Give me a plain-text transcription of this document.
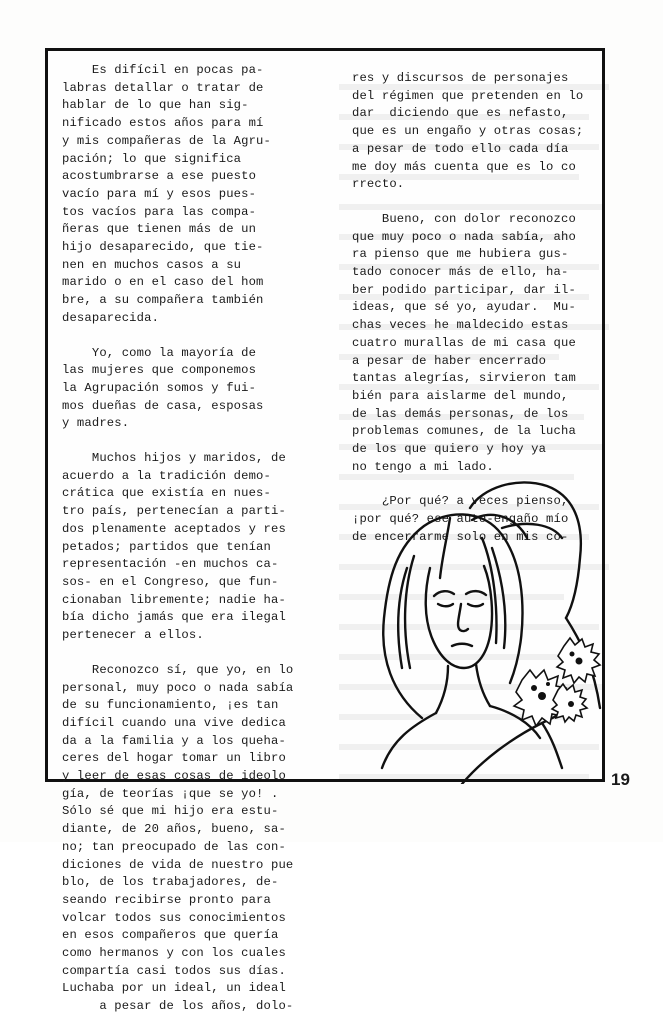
Es difícil en pocas pa-
labras detallar o tratar de
hablar de lo que han sig-
nificado estos años para mí
y mis compañeras de la Agru-
pación; lo que significa
acostumbrarse a ese puesto
vacío para mí y esos pues-
tos vacíos para las compa-
ñeras que tienen más de un
hijo desaparecido, que tie-
nen en muchos casos a su
marido o en el caso del hom
bre, a su compañera también
desaparecida.

Yo, como la mayoría de
las mujeres que componemos
la Agrupación somos y fui-
mos dueñas de casa, esposas
y madres.

Muchos hijos y maridos, de
acuerdo a la tradición demo-
crática que existía en nues-
tro país, pertenecían a parti-
dos plenamente aceptados y res
petados; partidos que tenían
representación -en muchos ca-
sos- en el Congreso, que fun-
cionaban libremente; nadie ha-
bía dicho jamás que era ilegal
pertenecer a ellos.

Reconozco sí, que yo, en lo
personal, muy poco o nada sabía
de su funcionamiento, ¡es tan
difícil cuando una vive dedica
da a la familia y a los queha-
ceres del hogar tomar un libro
y leer de esas cosas de ideolo
gía, de teorías ¡que se yo! .
Sólo sé que mi hijo era estu-
diante, de 20 años, bueno, sa-
no; tan preocupado de las con-
diciones de vida de nuestro pue
blo, de los trabajadores, de-
seando recibirse pronto para
volcar todos sus conocimientos
en esos compañeros que quería
como hermanos y con los cuales
compartía casi todos sus días.
Luchaba por un ideal, un ideal
a pesar de los años, dolo-

res y discursos de personajes
del régimen que pretenden en lo
dar  diciendo que es nefasto,
que es un engaño y otras cosas;
a pesar de todo ello cada día
me doy más cuenta que es lo co
rrecto.

Bueno, con dolor reconozco
que muy poco o nada sabía, aho
ra pienso que me hubiera gus-
tado conocer más de ello, ha-
ber podido participar, dar il-
ideas, que sé yo, ayudar.  Mu-
chas veces he maldecido estas
cuatro murallas de mi casa que
a pesar de haber encerrado
tantas alegrías, sirvieron tam
bién para aislarme del mundo,
de las demás personas, de los
problemas comunes, de la lucha
de los que quiero y hoy ya
no tengo a mi lado.

¿Por qué? a veces pienso,
¡por qué? ese auto-engaño mío
de encerrarme solo en mis co-

19
